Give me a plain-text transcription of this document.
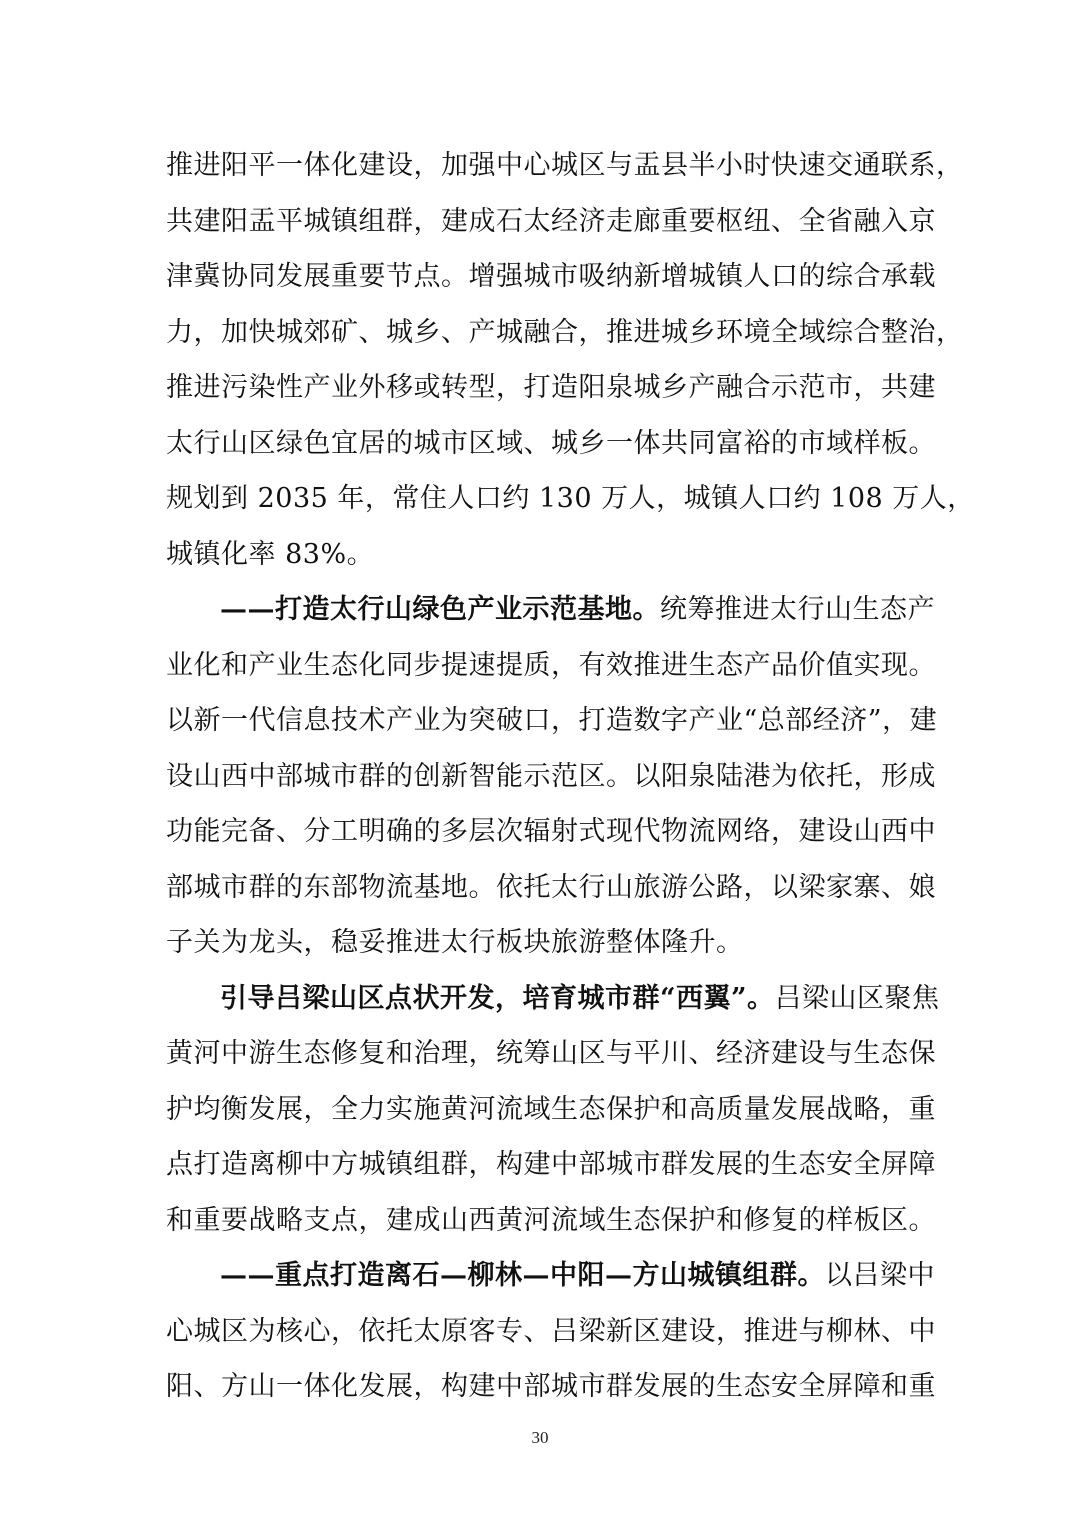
推进阳平一体化建设，加强中心城区与盂县半小时快速交通联系，
共建阳盂平城镇组群，建成石太经济走廊重要枢纽、全省融入京
津冀协同发展重要节点。增强城市吸纳新增城镇人口的综合承载
力，加快城郊矿、城乡、产城融合，推进城乡环境全域综合整治，
推进污染性产业外移或转型，打造阳泉城乡产融合示范市，共建
太行山区绿色宜居的城市区域、城乡一体共同富裕的市域样板。
规划到 2035 年，常住人口约 130 万人，城镇人口约 108 万人，
城镇化率 83%。
——打造太行山绿色产业示范基地。统筹推进太行山生态产
业化和产业生态化同步提速提质，有效推进生态产品价值实现。
以新一代信息技术产业为突破口，打造数字产业“总部经济”，建
设山西中部城市群的创新智能示范区。以阳泉陆港为依托，形成
功能完备、分工明确的多层次辐射式现代物流网络，建设山西中
部城市群的东部物流基地。依托太行山旅游公路，以梁家寨、娘
子关为龙头，稳妥推进太行板块旅游整体隆升。
引导吕梁山区点状开发，培育城市群“西翼”。吕梁山区聚焦
黄河中游生态修复和治理，统筹山区与平川、经济建设与生态保
护均衡发展，全力实施黄河流域生态保护和高质量发展战略，重
点打造离柳中方城镇组群，构建中部城市群发展的生态安全屏障
和重要战略支点，建成山西黄河流域生态保护和修复的样板区。
——重点打造离石—柳林—中阳—方山城镇组群。以吕梁中
心城区为核心，依托太原客专、吕梁新区建设，推进与柳林、中
阳、方山一体化发展，构建中部城市群发展的生态安全屏障和重
30
